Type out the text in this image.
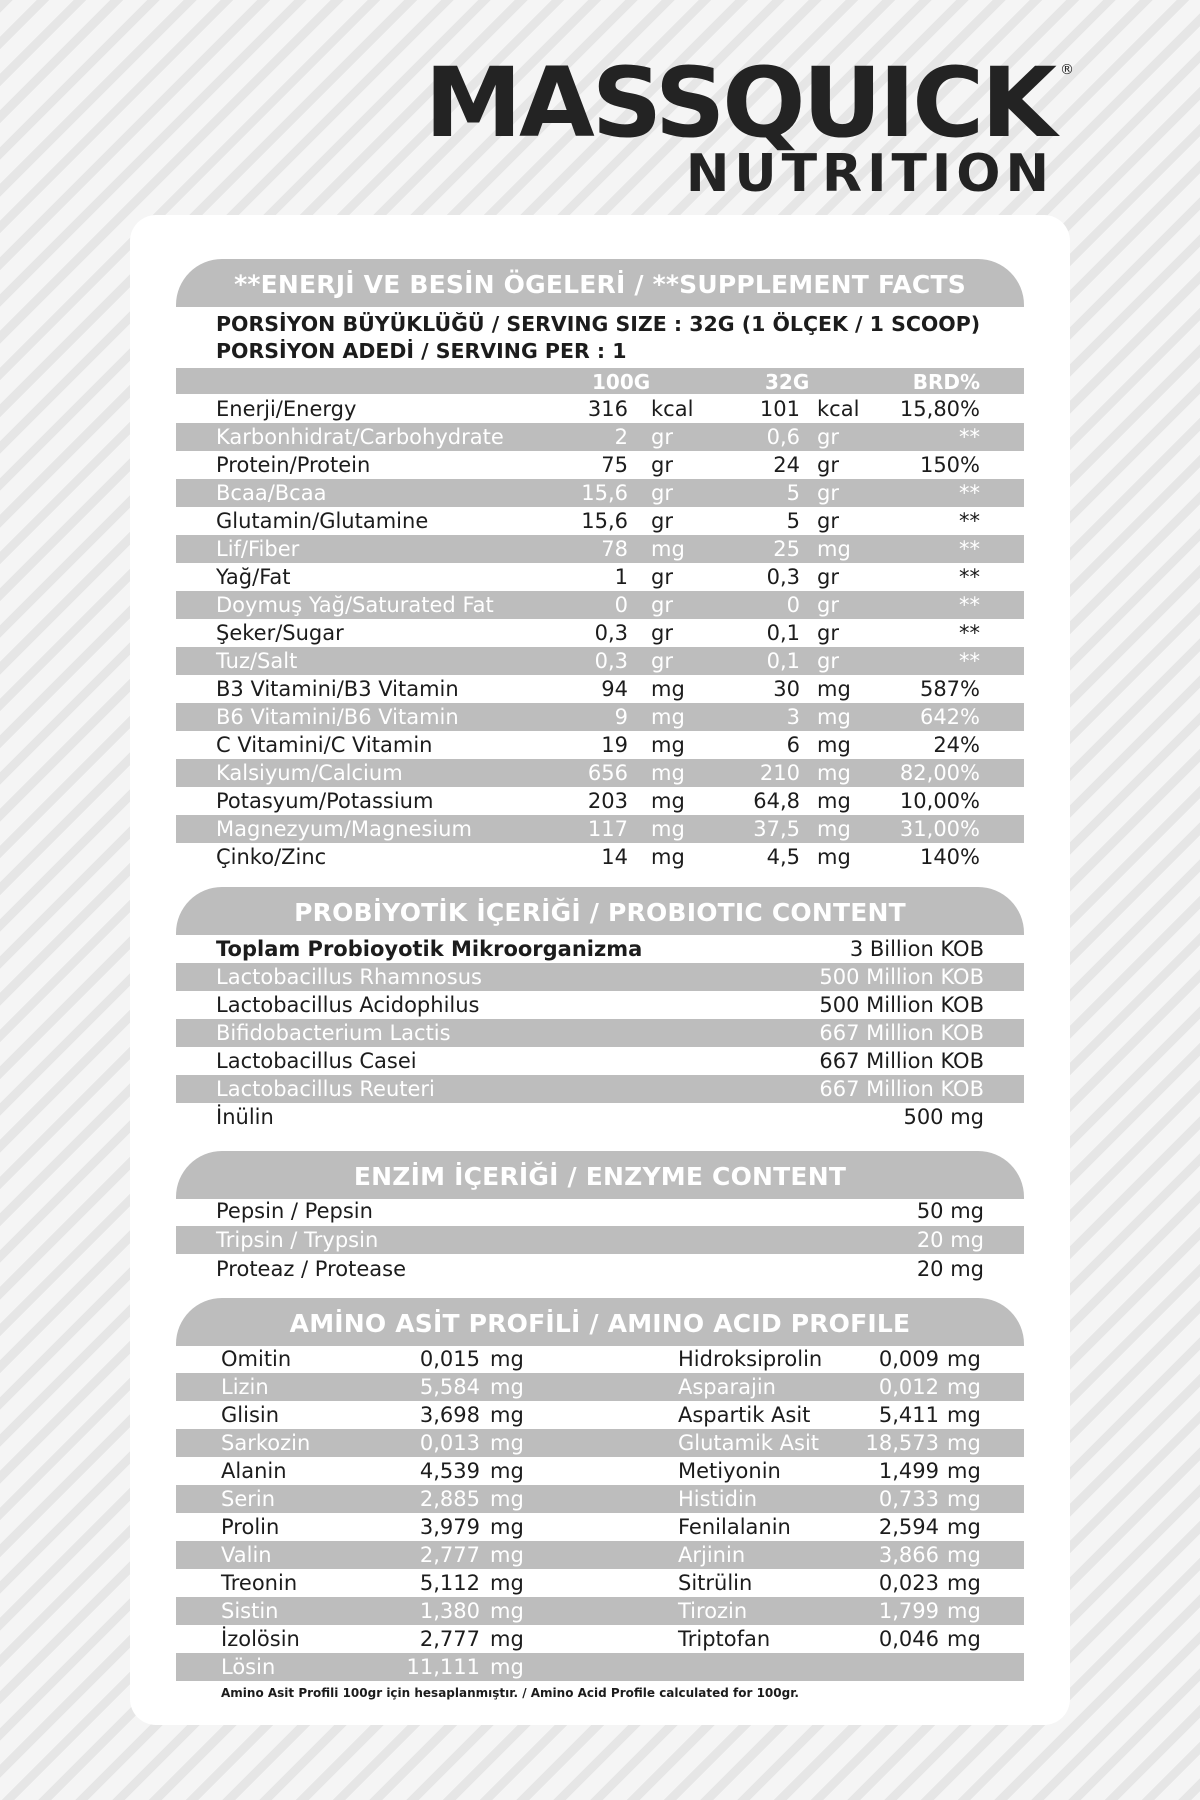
MASSQUICK
NUTRITION
®
**ENERJİ VE BESİN ÖGELERİ / **SUPPLEMENT FACTS
PORSİYON BÜYÜKLÜĞÜ / SERVING SIZE : 32G (1 ÖLÇEK / 1 SCOOP)
PORSİYON ADEDİ / SERVING PER : 1
100G	32G	BRD%
Enerji/Energy	316 kcal	101 kcal 15,80%
Karbonhidrat/Carbohydrate	2 gr	0,6 gr	**
Protein/Protein	75 gr	24 gr	150%
Bcaa/Bcaa	15,6 gr	5 gr	**
Glutamin/Glutamine	15,6 gr	5 gr	**
Lif/Fiber	78 mg	25 mg	**
Yağ/Fat	1 gr	0,3 gr	**
Doymuş Yağ/Saturated Fat	0 gr	0 gr	**
Şeker/Sugar	0,3 gr	0,1 gr	**
Tuz/Salt	0,3 gr	0,1 gr	**
B3 Vitamini/B3 Vitamin	94 mg	30 mg	587%
B6 Vitamini/B6 Vitamin	9 mg	3 mg	642%
C Vitamini/C Vitamin	19 mg	6 mg	24%
Kalsiyum/Calcium	656 mg	210 mg 82,00%
Potasyum/Potassium	203 mg	64,8 mg 10,00%
Magnezyum/Magnesium	117 mg	37,5 mg 31,00%
Çinko/Zinc	14 mg	4,5 mg	140%
PROBİYOTİK İÇERİĞİ / PROBIOTIC CONTENT
Toplam Probioyotik Mikroorganizma	3 Billion KOB
Lactobacillus Rhamnosus	500 Million KOB
Lactobacillus Acidophilus	500 Million KOB
Bifidobacterium Lactis	667 Million KOB
Lactobacillus Casei	667 Million KOB
Lactobacillus Reuteri	667 Million KOB
İnülin	500 mg
ENZİM İÇERİĞİ / ENZYME CONTENT
Pepsin / Pepsin	50 mg
Tripsin / Trypsin	20 mg
Proteaz / Protease	20 mg
AMİNO ASİT PROFİLİ / AMINO ACID PROFILE
Omitin	0,015 mg	Hidroksiprolin	0,009 mg
Lizin	5,584 mg	Asparajin	0,012 mg
Glisin	3,698 mg	Aspartik Asit	5,411 mg
Sarkozin	0,013 mg	Glutamik Asit 18,573 mg
Alanin	4,539 mg	Metiyonin	1,499 mg
Serin	2,885 mg	Histidin	0,733 mg
Prolin	3,979 mg	Fenilalanin	2,594 mg
Valin	2,777 mg	Arjinin	3,866 mg
Treonin	5,112 mg	Sitrülin	0,023 mg
Sistin	1,380 mg	Tirozin	1,799 mg
İzolösin	2,777 mg	Triptofan	0,046 mg
Lösin	11,111 mg
Amino Asit Profili 100gr için hesaplanmıştır. / Amino Acid Profile calculated for 100gr.
